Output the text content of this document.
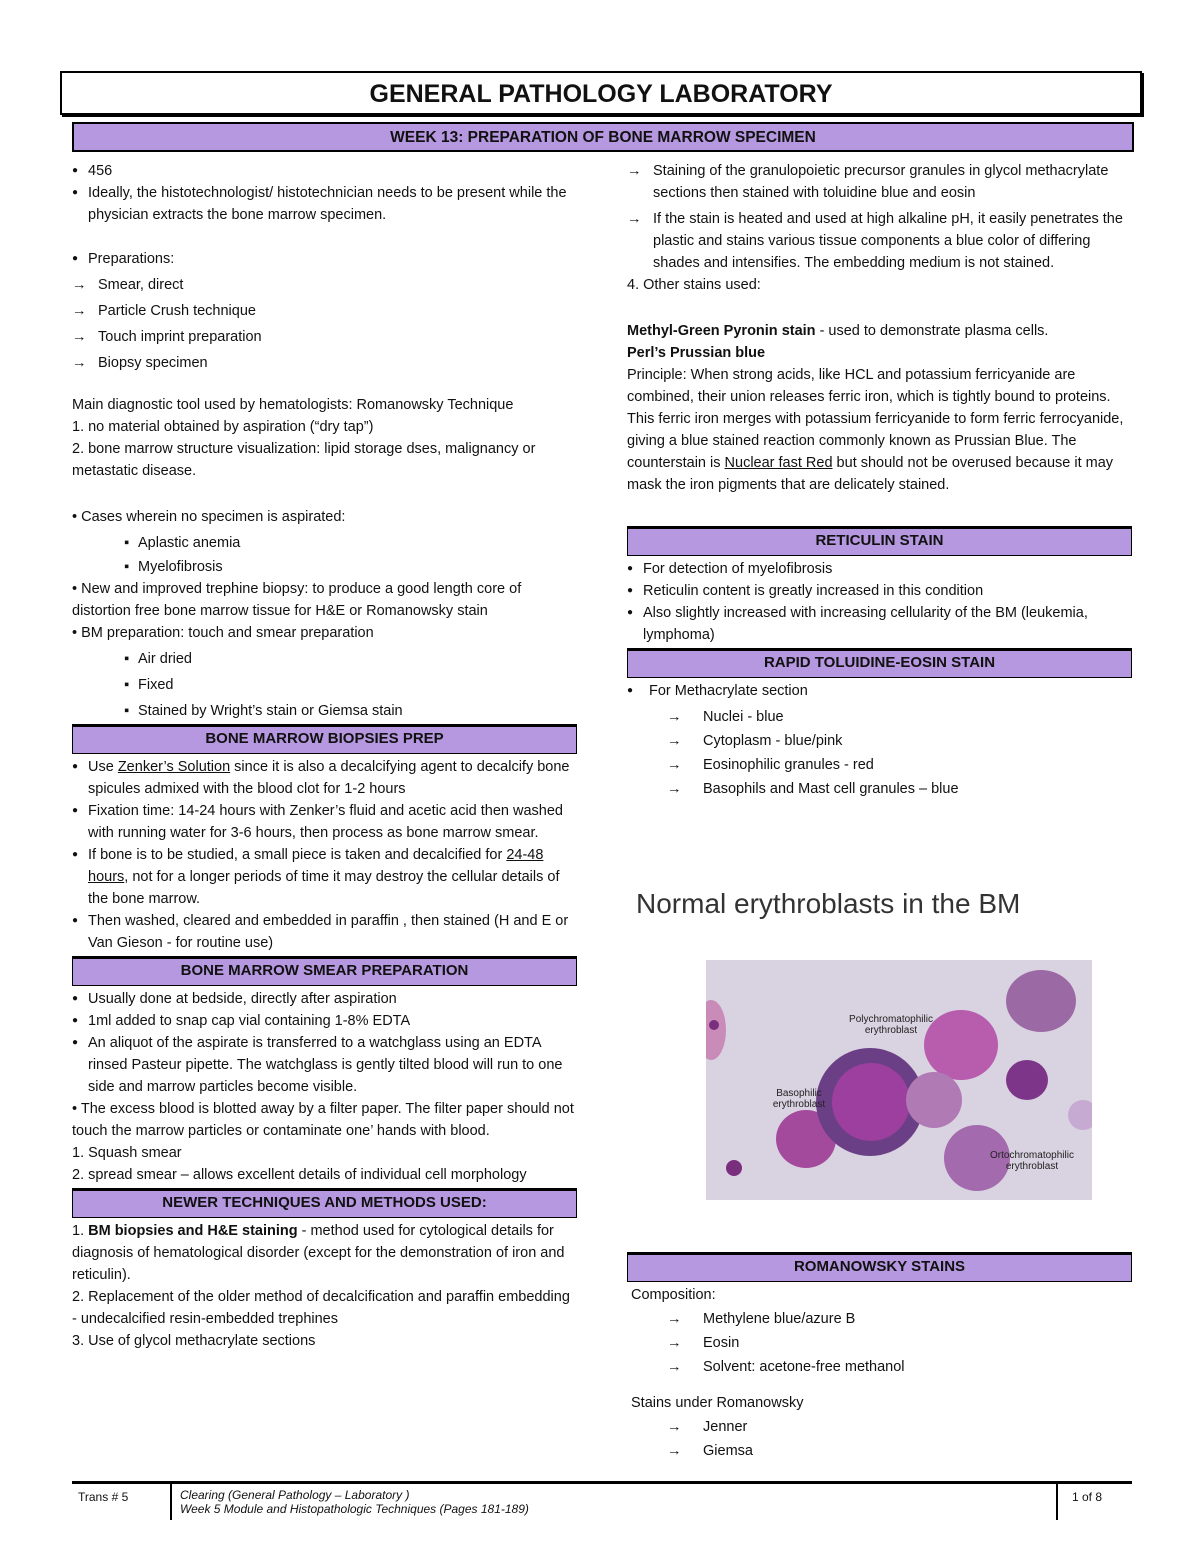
GENERAL PATHOLOGY LABORATORY
WEEK 13: PREPARATION OF BONE MARROW SPECIMEN

● 456

● Ideally, the histotechnologist/ histotechnician needs to be present while the physician extracts the bone marrow specimen.

● Preparations:

→ Smear, direct

→ Particle Crush technique

→ Touch imprint preparation

→ Biopsy specimen

Main diagnostic tool used by hematologists: Romanowsky Technique

1. no material obtained by aspiration (“dry tap”)

2. bone marrow structure visualization: lipid storage dses, malignancy or metastatic disease.

• Cases wherein no specimen is aspirated:

▪ Aplastic anemia

▪ Myelofibrosis

• New and improved trephine biopsy: to produce a good length core of distortion free bone marrow tissue for H&E or Romanowsky stain

• BM preparation: touch and smear preparation

▪ Air dried

▪ Fixed

▪ Stained by Wright’s stain or Giemsa stain

BONE MARROW BIOPSIES PREP

● Use Zenker’s Solution since it is also a decalcifying agent to decalcify bone spicules admixed with the blood clot for 1-2 hours

● Fixation time: 14-24 hours with Zenker’s fluid and acetic acid then washed with running water for 3-6 hours, then process as bone marrow smear.

● If bone is to be studied, a small piece is taken and decalcified for 24-48 hours, not for a longer periods of time it may destroy the cellular details of the bone marrow.

● Then washed, cleared and embedded in paraffin , then stained (H and E or Van Gieson - for routine use)

BONE MARROW SMEAR PREPARATION

● Usually done at bedside, directly after aspiration

● 1ml added to snap cap vial containing 1-8% EDTA

● An aliquot of the aspirate is transferred to a watchglass using an EDTA rinsed Pasteur pipette. The watchglass is gently tilted blood will run to one side and marrow particles become visible.

• The excess blood is blotted away by a filter paper. The filter paper should not touch the marrow particles or contaminate one’ hands with blood.

1. Squash smear

2. spread smear – allows excellent details of individual cell morphology

NEWER TECHNIQUES AND METHODS USED:

1. BM biopsies and H&E staining - method used for cytological details for diagnosis of hematological disorder (except for the demonstration of iron and reticulin).

2. Replacement of the older method of decalcification and paraffin embedding - undecalcified resin-embedded trephines

3. Use of glycol methacrylate sections

→ Staining of the granulopoietic precursor granules in glycol methacrylate sections then stained with toluidine blue and eosin

→ If the stain is heated and used at high alkaline pH, it easily penetrates the plastic and stains various tissue components a blue color of differing shades and intensifies. The embedding medium is not stained.

4. Other stains used:

Methyl-Green Pyronin stain - used to demonstrate plasma cells.

Perl’s Prussian blue

Principle: When strong acids, like HCL and potassium ferricyanide are combined, their union releases ferric iron, which is tightly bound to proteins. This ferric iron merges with potassium ferricyanide to form ferric ferrocyanide, giving a blue stained reaction commonly known as Prussian Blue. The counterstain is Nuclear fast Red but should not be overused because it may mask the iron pigments that are delicately stained.

RETICULIN STAIN

● For detection of myelofibrosis

● Reticulin content is greatly increased in this condition

● Also slightly increased with increasing cellularity of the BM (leukemia, lymphoma)

RAPID TOLUIDINE-EOSIN STAIN

● For Methacrylate section

→ Nuclei - blue

→ Cytoplasm - blue/pink

→ Eosinophilic granules - red

→ Basophils and Mast cell granules – blue

Normal erythroblasts in the BM
Polychromatophilic erythroblast
Basophilic erythroblast
Ortochromatophilic erythroblast
ROMANOWSKY STAINS

Composition:

→ Methylene blue/azure B

→ Eosin

→ Solvent: acetone-free methanol

Stains under Romanowsky

→ Jenner

→ Giemsa

Trans # 5	Clearing (General Pathology – Laboratory )
Week 5 Module and Histopathologic Techniques (Pages 181-189)
1 of 8
